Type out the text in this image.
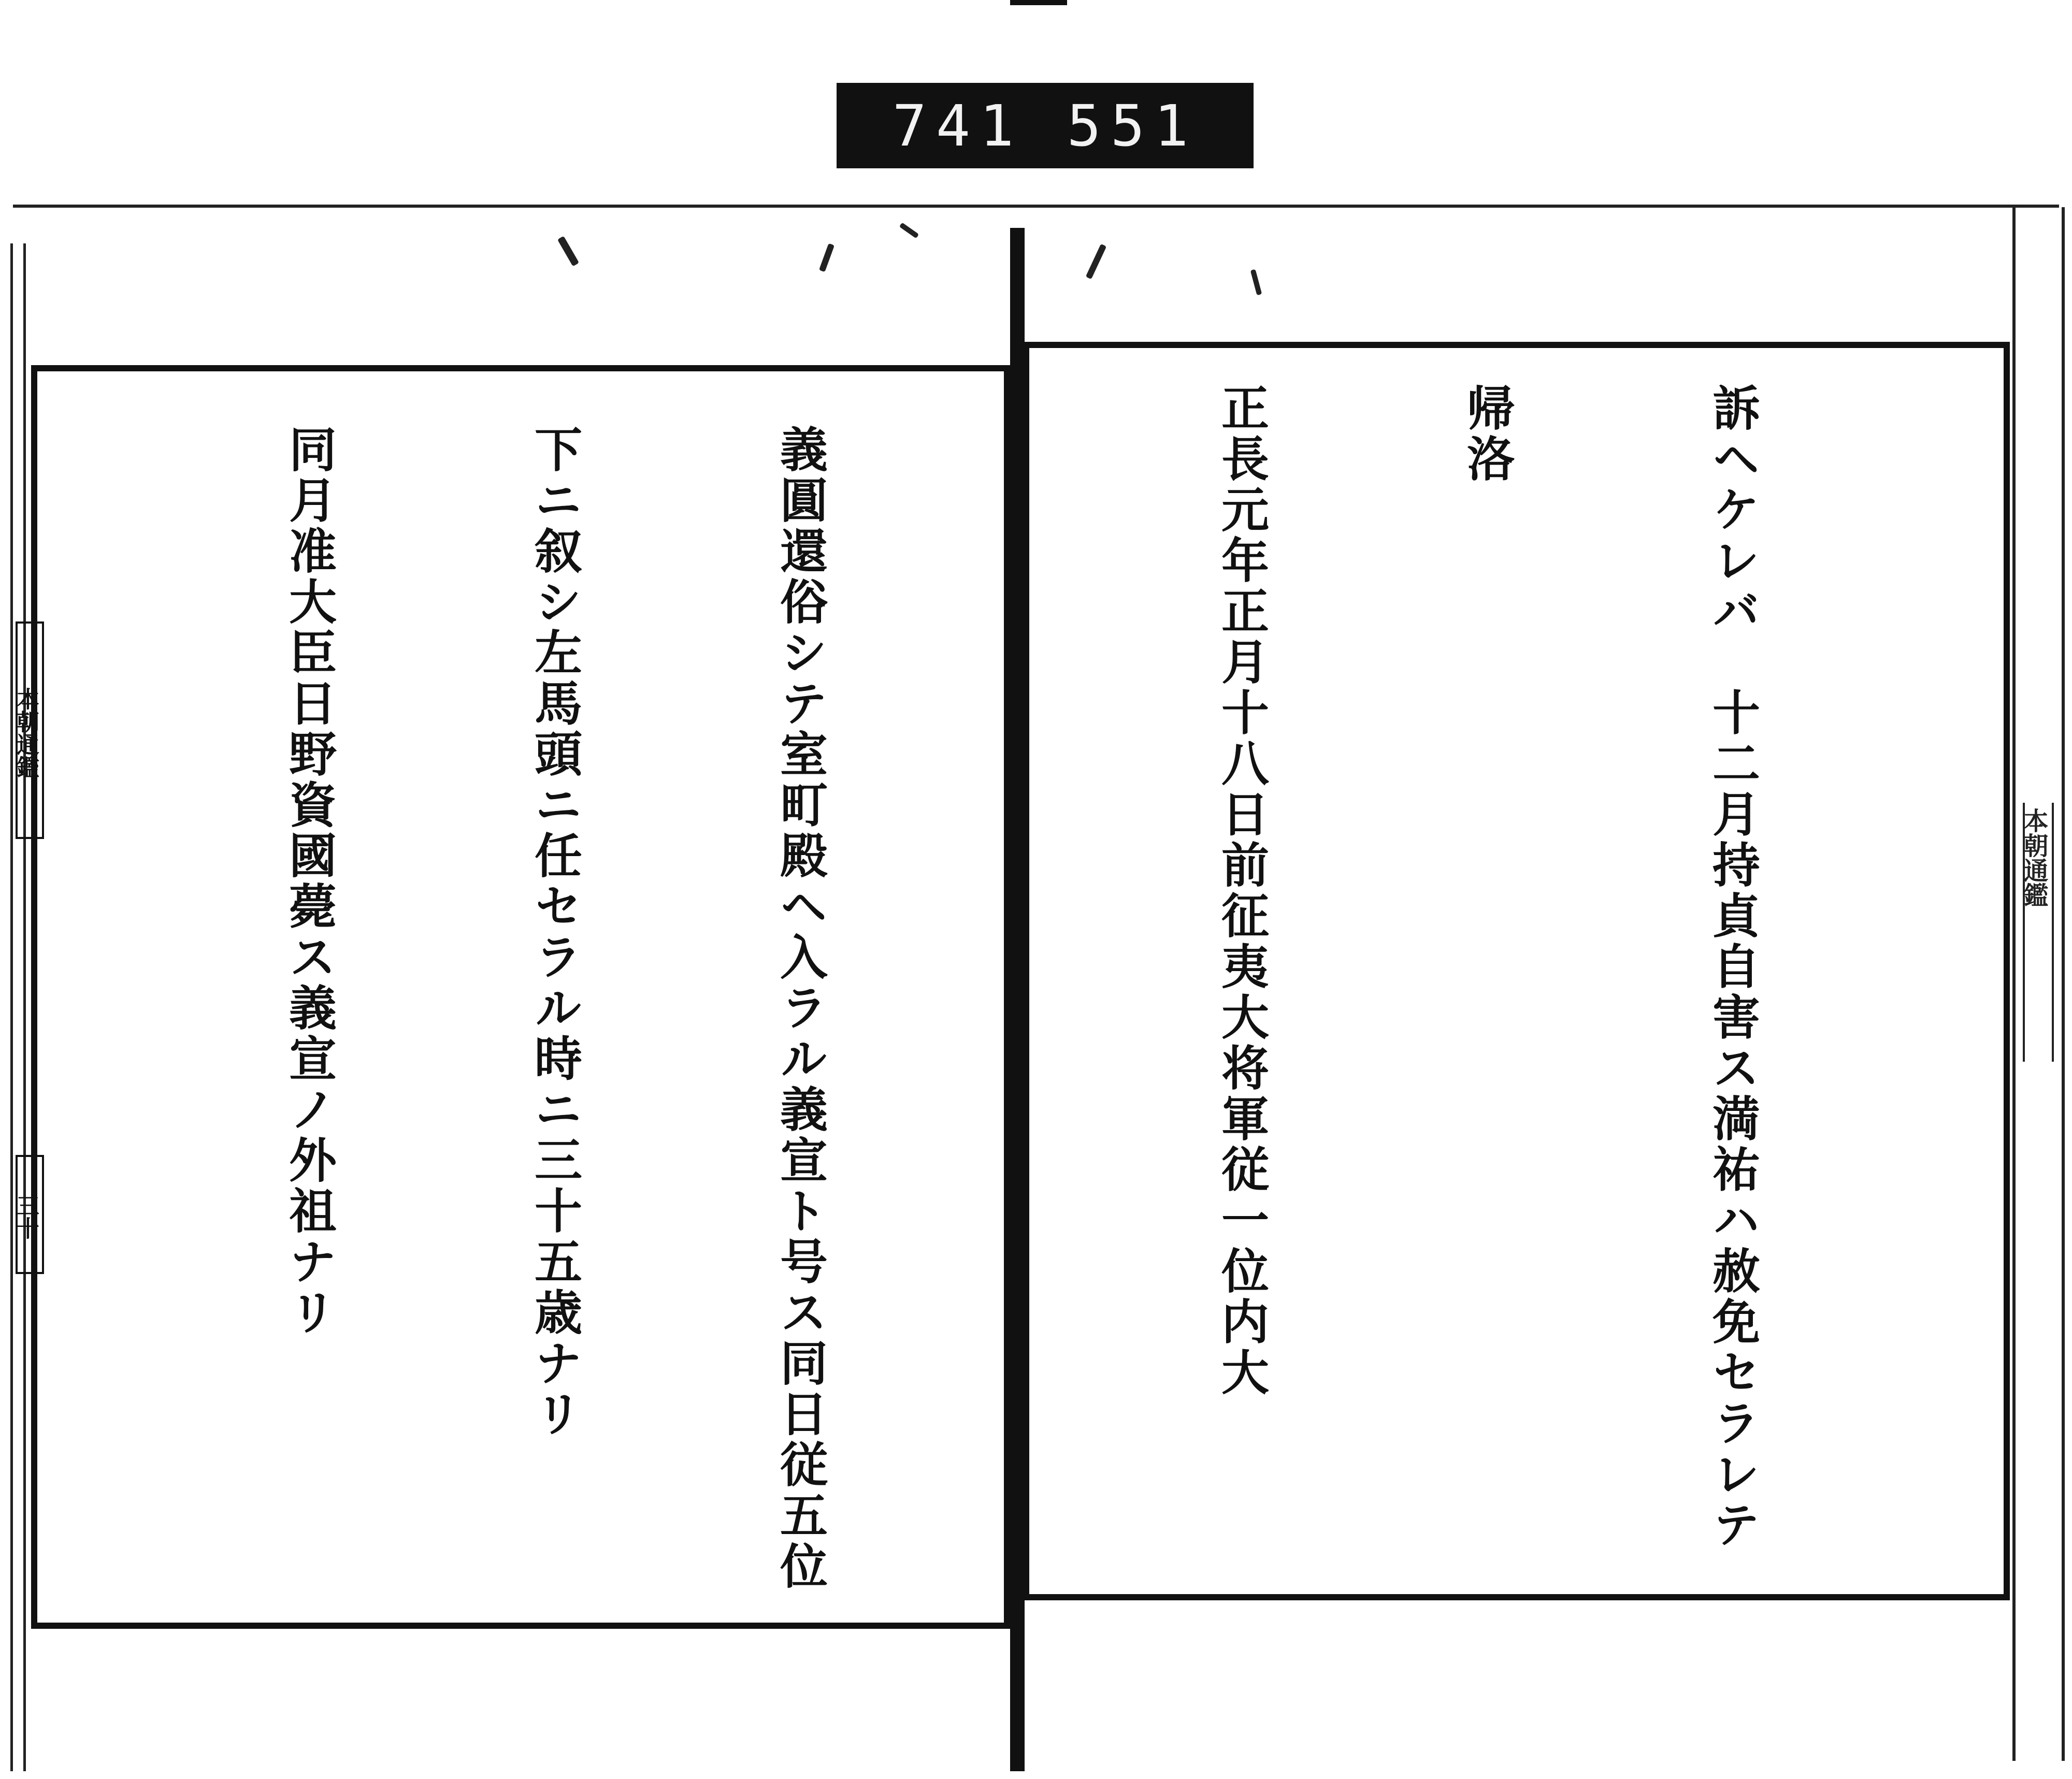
741 551
本朝通鑑
三十
本朝通鑑

訴ヘケレバ　十二月持貞自害ス満祐ハ赦免セラレテ

帰洛

正長元年正月十八日前征夷大将軍従一位内大

義圓還俗シテ室町殿ヘ入ラル義宣ト号ス同日従五位

下ニ叙シ左馬頭ニ任セラル時ニ三十五歳ナリ

同月准大臣日野資國薨ス義宣ノ外祖ナリ
